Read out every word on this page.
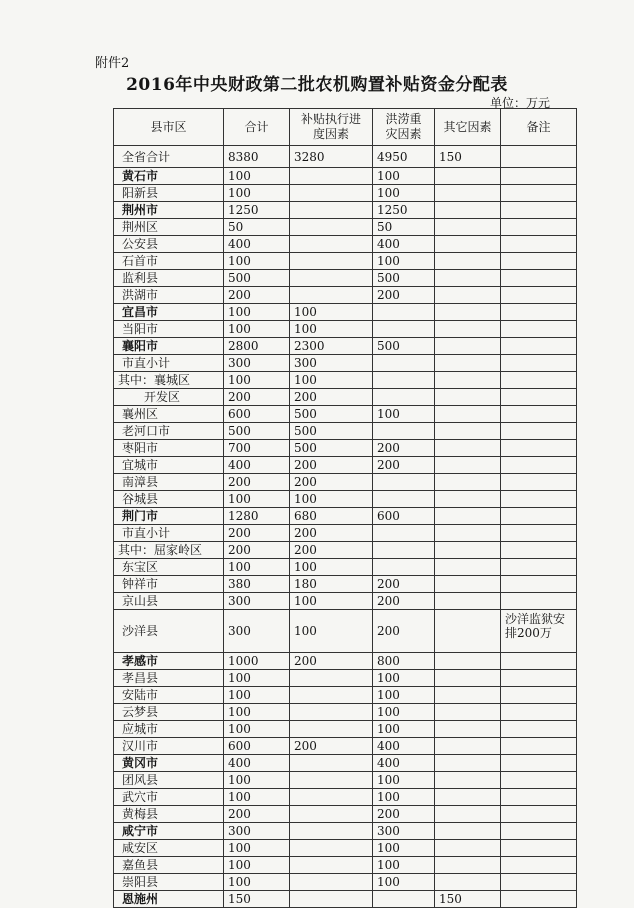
附件2
2016年中央财政第二批农机购置补贴资金分配表
单位：万元
县市区	合计	补贴执行进度因素	洪涝重灾因素	其它因素	备注
全省合计	8380	3280	4950	150	
黄石市	100		100		
阳新县	100		100		
荆州市	1250		1250		
荆州区	50		50		
公安县	400		400		
石首市	100		100		
监利县	500		500		
洪湖市	200		200		
宜昌市	100	100			
当阳市	100	100			
襄阳市	2800	2300	500		
市直小计	300	300			
其中：襄城区	100	100			
开发区	200	200			
襄州区	600	500	100		
老河口市	500	500			
枣阳市	700	500	200		
宜城市	400	200	200		
南漳县	200	200			
谷城县	100	100			
荆门市	1280	680	600		
市直小计	200	200			
其中：屈家岭区	200	200			
东宝区	100	100			
钟祥市	380	180	200		
京山县	300	100	200		
沙洋县	300	100	200		沙洋监狱安排200万
孝感市	1000	200	800		
孝昌县	100		100		
安陆市	100		100		
云梦县	100		100		
应城市	100		100		
汉川市	600	200	400		
黄冈市	400		400		
团风县	100		100		
武穴市	100		100		
黄梅县	200		200		
咸宁市	300		300		
咸安区	100		100		
嘉鱼县	100		100		
崇阳县	100		100		
恩施州	150			150	
